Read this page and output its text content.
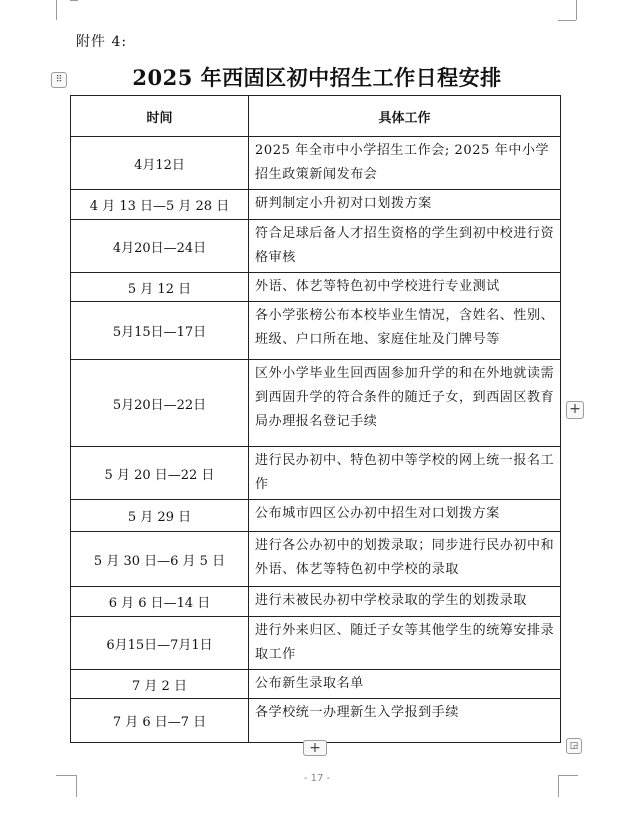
附件 4:
⠿	2025 年西固区初中招生工作日程安排
时间	具体工作
4月12日	2025 年全市中小学招生工作会; 2025 年中小学招生政策新闻发布会
4 月 13 日—5 月 28 日	研判制定小升初对口划拨方案
4月20日—24日	符合足球后备人才招生资格的学生到初中校进行资格审核
5 月 12 日	外语、体艺等特色初中学校进行专业测试
5月15日—17日	各小学张榜公布本校毕业生情况，含姓名、性别、班级、户口所在地、家庭住址及门牌号等
5月20日—22日	区外小学毕业生回西固参加升学的和在外地就读需到西固升学的符合条件的随迁子女，到西固区教育局办理报名登记手续
5 月 20 日—22 日	进行民办初中、特色初中等学校的网上统一报名工作
5 月 29 日	公布城市四区公办初中招生对口划拨方案
5 月 30 日—6 月 5 日	进行各公办初中的划拨录取；同步进行民办初中和外语、体艺等特色初中学校的录取
6 月 6 日—14 日	进行未被民办初中学校录取的学生的划拨录取
6月15日—7月1日	进行外来归区、随迁子女等其他学生的统筹安排录取工作
7 月 2 日	公布新生录取名单
7 月 6 日—7 日	各学校统一办理新生入学报到手续
+
+	◲
- 17 -
